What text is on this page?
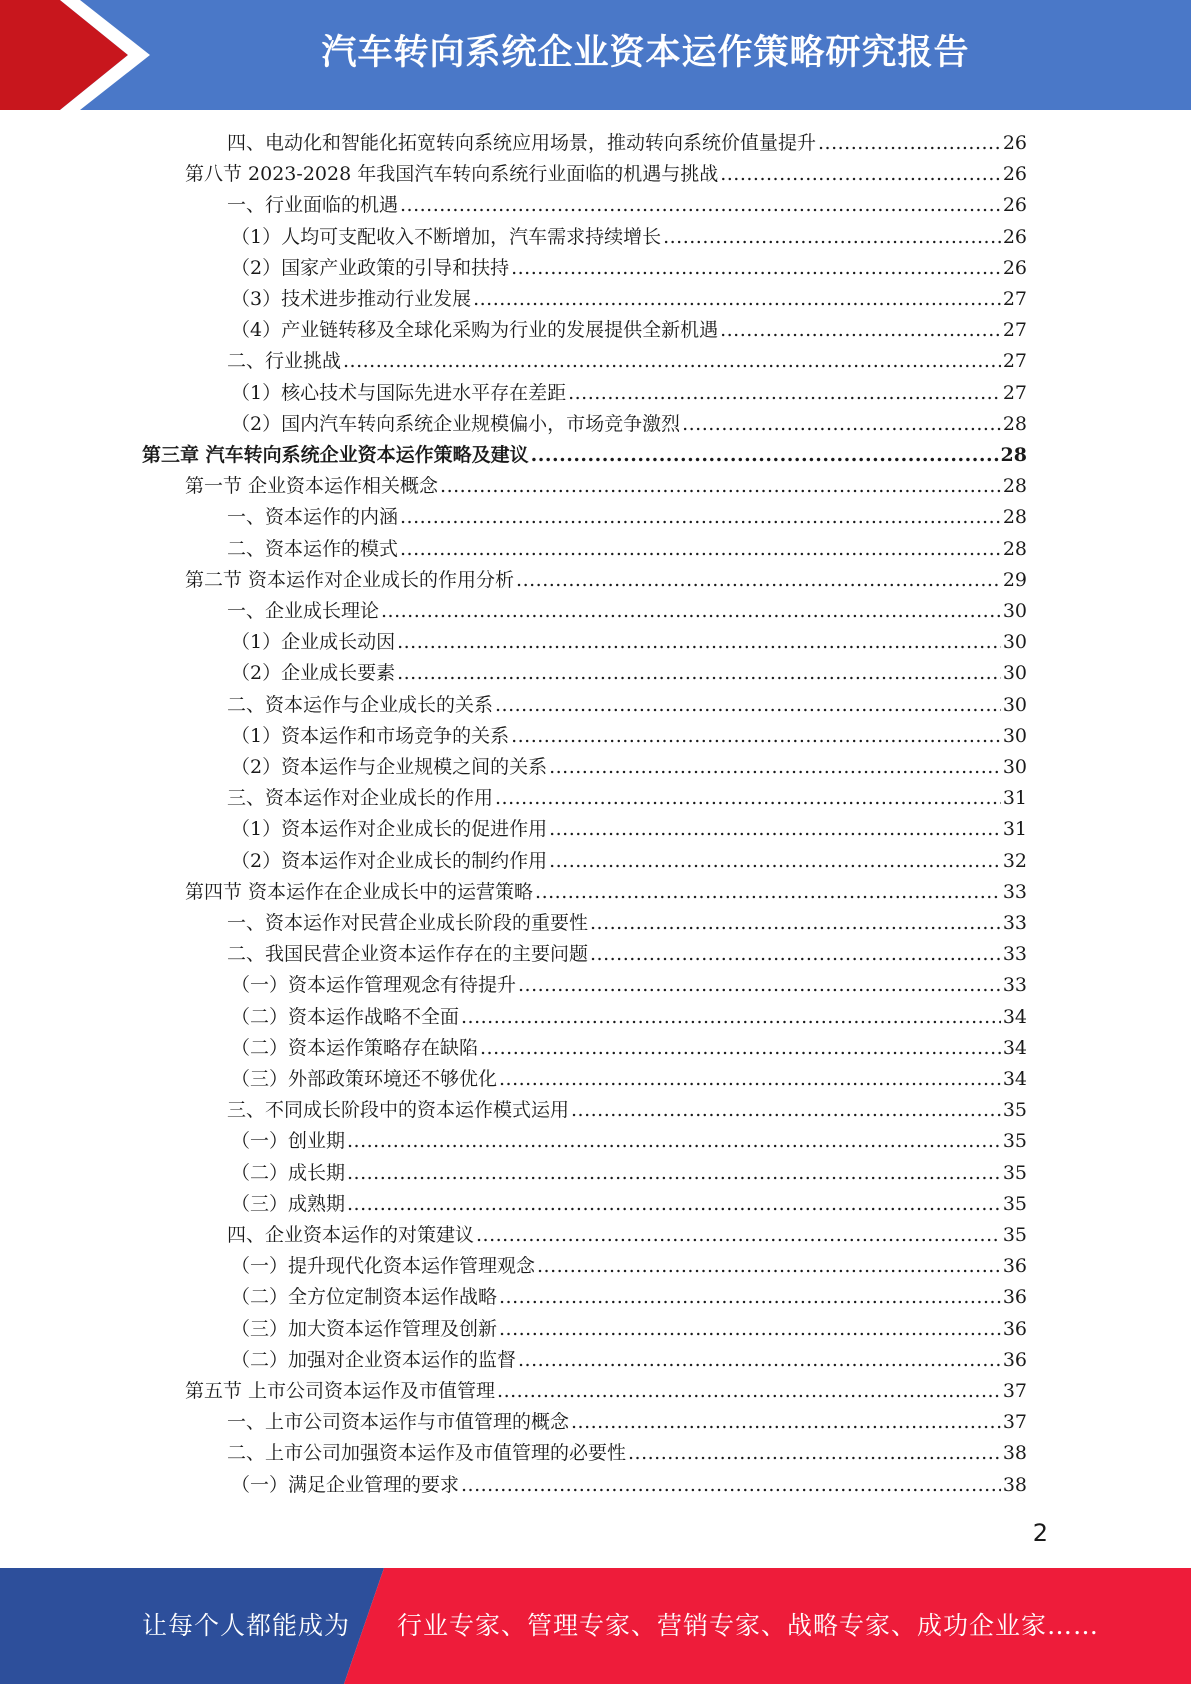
汽车转向系统企业资本运作策略研究报告
四、电动化和智能化拓宽转向系统应用场景，推动转向系统价值量提升 .....	26
第八节 2023-2028 年我国汽车转向系统行业面临的机遇与挑战 .....	26
一、行业面临的机遇 .....	26
（1）人均可支配收入不断增加，汽车需求持续增长 .....	26
（2）国家产业政策的引导和扶持 .....	26
（3）技术进步推动行业发展 .....	27
（4）产业链转移及全球化采购为行业的发展提供全新机遇 .....	27
二、行业挑战 .....	27
（1）核心技术与国际先进水平存在差距 .....	27
（2）国内汽车转向系统企业规模偏小，市场竞争激烈 .....	28
第三章 汽车转向系统企业资本运作策略及建议 .....	28
第一节 企业资本运作相关概念 .....	28
一、资本运作的内涵 .....	28
二、资本运作的模式 .....	28
第二节 资本运作对企业成长的作用分析 .....	29
一、企业成长理论 .....	30
（1）企业成长动因 .....	30
（2）企业成长要素 .....	30
二、资本运作与企业成长的关系 .....	30
（1）资本运作和市场竞争的关系 .....	30
（2）资本运作与企业规模之间的关系 .....	30
三、资本运作对企业成长的作用 .....	31
（1）资本运作对企业成长的促进作用 .....	31
（2）资本运作对企业成长的制约作用 .....	32
第四节 资本运作在企业成长中的运营策略 .....	33
一、资本运作对民营企业成长阶段的重要性 .....	33
二、我国民营企业资本运作存在的主要问题 .....	33
（一）资本运作管理观念有待提升 .....	33
（二）资本运作战略不全面 .....	34
（二）资本运作策略存在缺陷 .....	34
（三）外部政策环境还不够优化 .....	34
三、不同成长阶段中的资本运作模式运用 .....	35
（一）创业期 .....	35
（二）成长期 .....	35
（三）成熟期 .....	35
四、企业资本运作的对策建议 .....	35
（一）提升现代化资本运作管理观念 .....	36
（二）全方位定制资本运作战略 .....	36
（三）加大资本运作管理及创新 .....	36
（二）加强对企业资本运作的监督 .....	36
第五节 上市公司资本运作及市值管理 .....	37
一、上市公司资本运作与市值管理的概念 .....	37
二、上市公司加强资本运作及市值管理的必要性 .....	38
（一）满足企业管理的要求 .....	38
2
让每个人都能成为 行业专家、管理专家、营销专家、战略专家、成功企业家……
